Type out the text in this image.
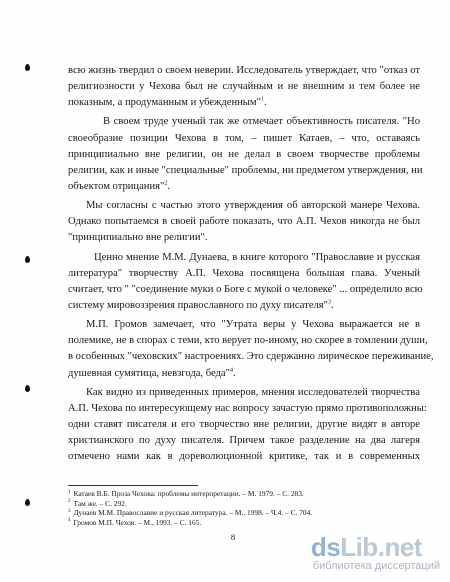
всю жизнь твердил о своем неверии. Исследователь утверждает, что "отказ от
религиозности у Чехова был не случайным и не внешним и тем более не
показным, а продуманным и убежденным"$^1$.
В своем труде ученый так же отмечает объективность писателя. "Но
своеобразие позиции Чехова в том, – пишет Катаев, – что, оставаясь
принципиально вне религии, он не делал в своем творчестве проблемы
религии, как и иные "специальные" проблемы, ни предметом утверждения, ни
объектом отрицания"$^2$.
Мы согласны с частью этого утверждения об авторской манере Чехова.
Однако попытаемся в своей работе показать, что А.П. Чехов никогда не был
"принципиально вне религии".
Ценно мнение М.М. Дунаева, в книге которого "Православие и русская
литература" творчеству А.П. Чехова посвящена большая глава. Ученый
считает, что " "соединение муки о Боге с мукой о человеке" ... определило всю
систему мировоззрения православного по духу писателя"$^3$.
М.П. Громов замечает, что "Утрата веры у Чехова выражается не в
полемике, не в спорах с теми, кто верует по-иному, но скорее в томлении души,
в особенных "чеховских" настроениях. Это сдержанно лирическое переживание,
душевная сумятица, невзгода, беда"$^4$.
Как видно из приведенных примеров, мнения исследователей творчества
А.П. Чехова по интересующему нас вопросу зачастую прямо противоположны:
одни ставят писателя и его творчество вне религии, другие видят в авторе
христианского по духу писателя. Причем такое разделение на два лагеря
отмечено нами как в дореволюционной критике, так и в современных
$^1$ Катаев В.Б. Проза Чехова: проблемы интерпретации. – М. 1979. – С. 283.
$^2$ Там же. – С. 292.
$^3$ Дунаев М.М. Православие и русская литература. – М., 1998. – Ч.4. – С. 704.
$^4$ Громов М.П. Чехов. – М., 1993. – С. 165.
8	ds Lib . net
библиотека диссертаций
